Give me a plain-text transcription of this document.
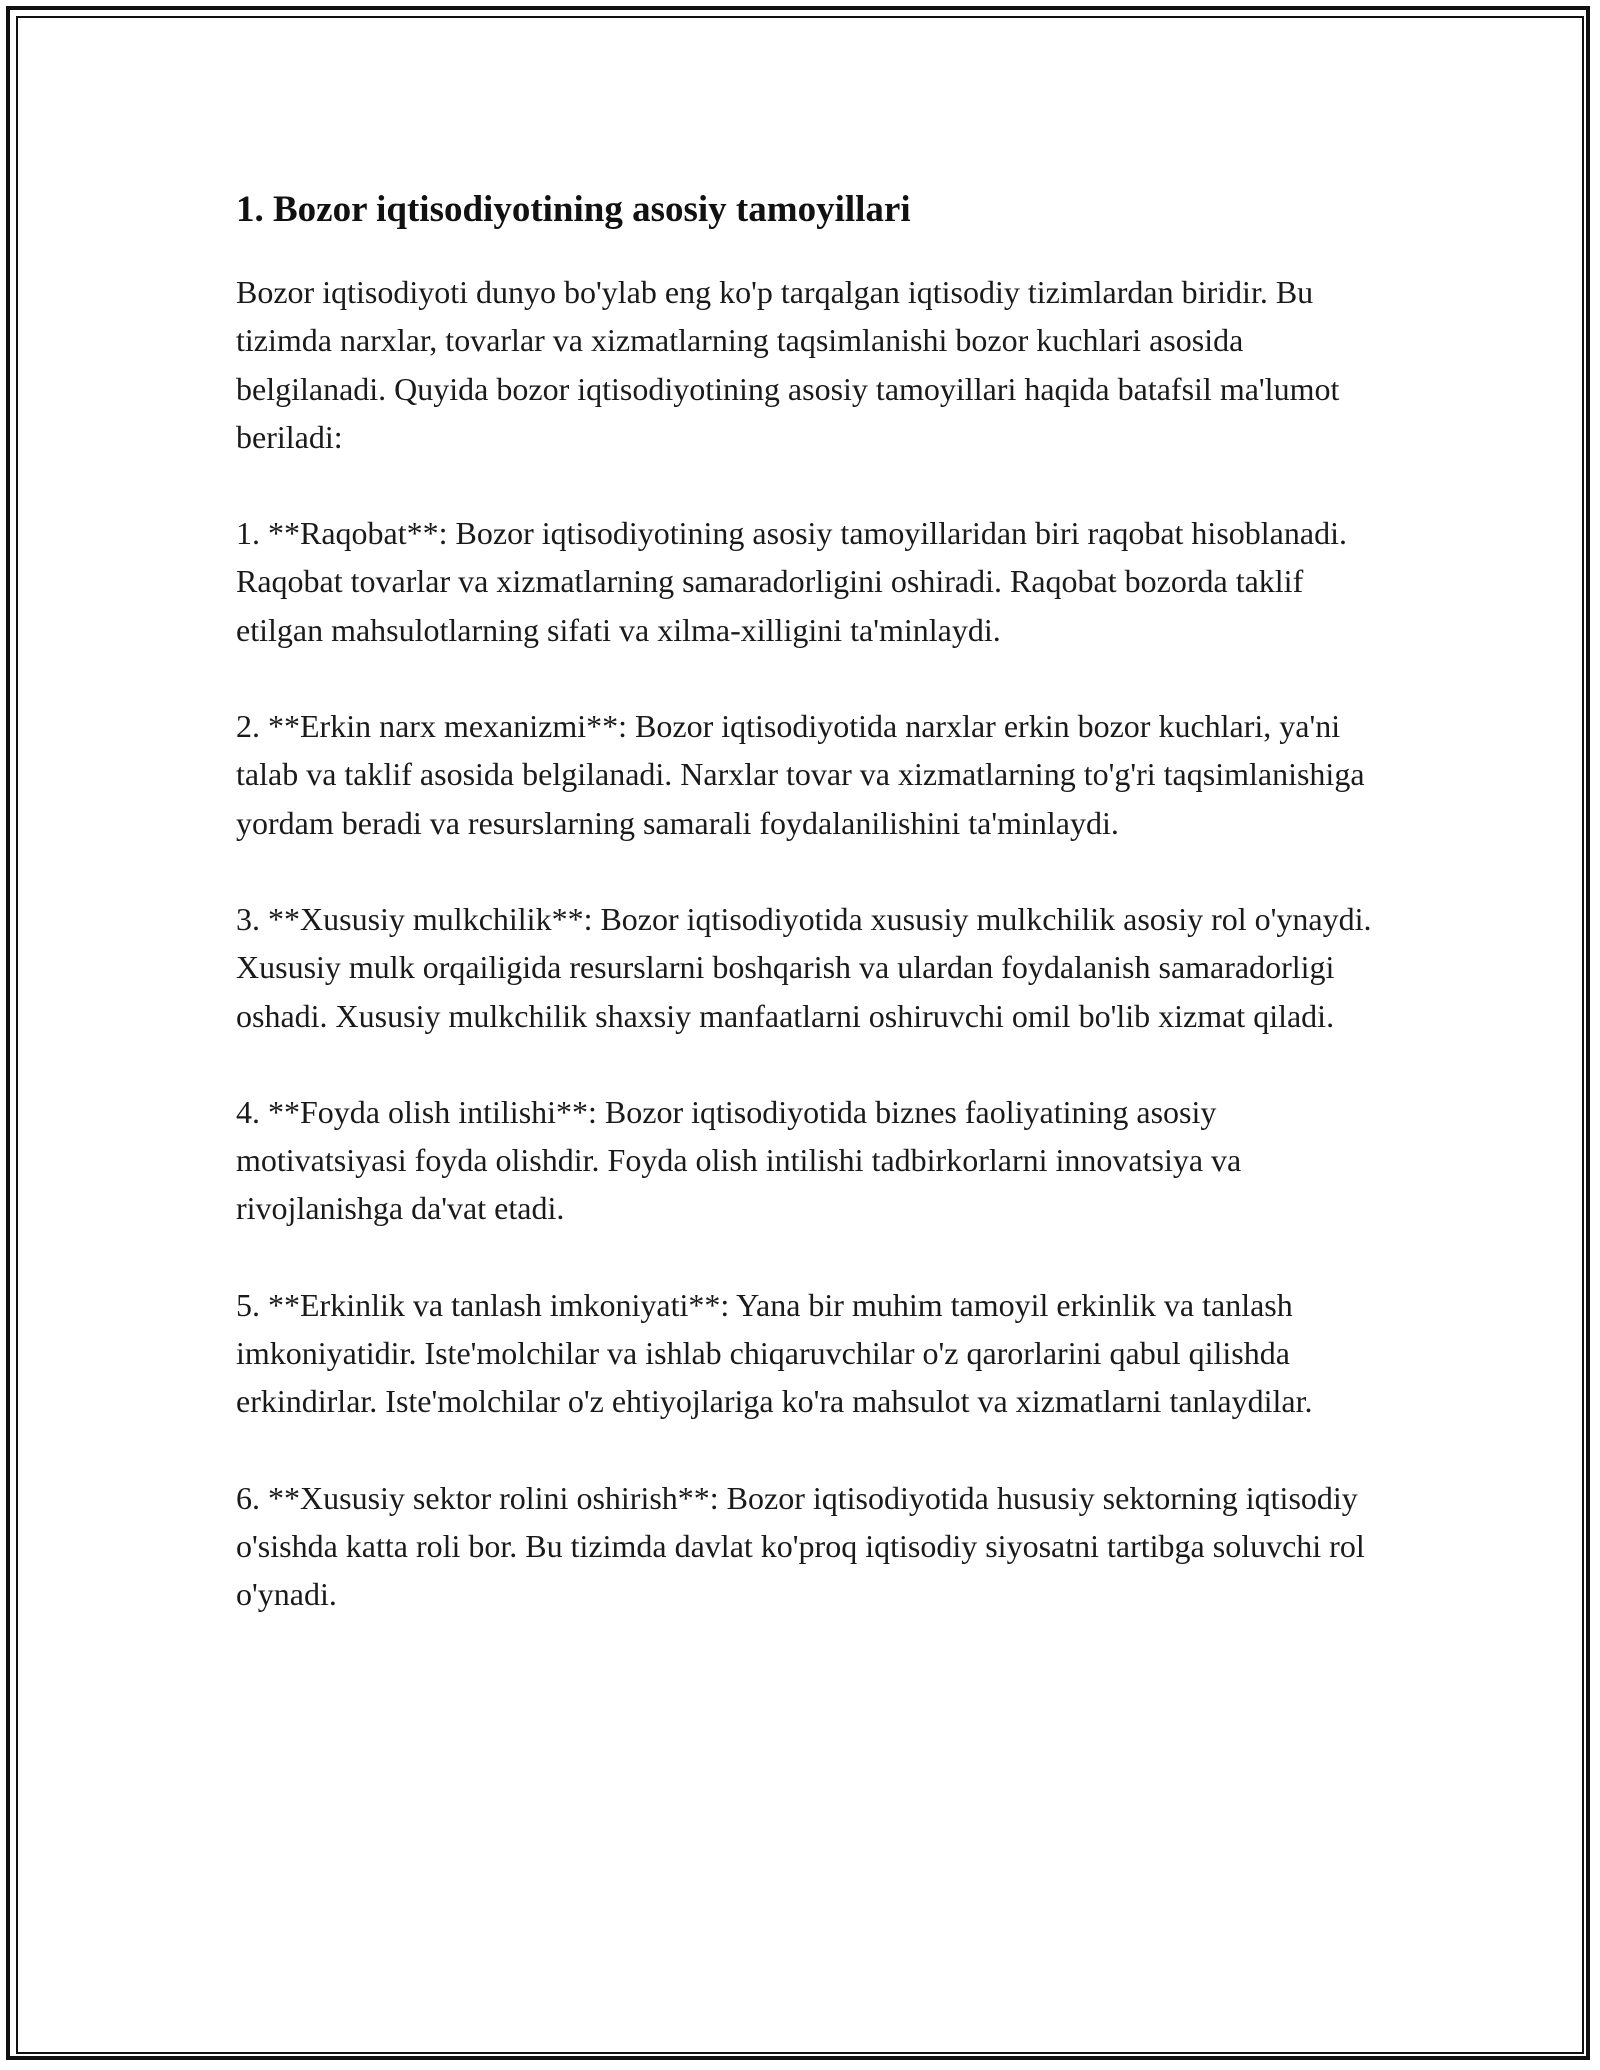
1. Bozor iqtisodiyotining asosiy tamoyillari

Bozor iqtisodiyoti dunyo bo'ylab eng ko'p tarqalgan iqtisodiy tizimlardan biridir. Bu tizimda narxlar, tovarlar va xizmatlarning taqsimlanishi bozor kuchlari asosida belgilanadi. Quyida bozor iqtisodiyotining asosiy tamoyillari haqida batafsil ma'lumot beriladi:

1. **Raqobat**: Bozor iqtisodiyotining asosiy tamoyillaridan biri raqobat hisoblanadi. Raqobat tovarlar va xizmatlarning samaradorligini oshiradi. Raqobat bozorda taklif etilgan mahsulotlarning sifati va xilma-xilligini ta'minlaydi.

2. **Erkin narx mexanizmi**: Bozor iqtisodiyotida narxlar erkin bozor kuchlari, ya'ni talab va taklif asosida belgilanadi. Narxlar tovar va xizmatlarning to'g'ri taqsimlanishiga yordam beradi va resurslarning samarali foydalanilishini ta'minlaydi.

3. **Xususiy mulkchilik**: Bozor iqtisodiyotida xususiy mulkchilik asosiy rol o'ynaydi. Xususiy mulk orqailigida resurslarni boshqarish va ulardan foydalanish samaradorligi oshadi. Xususiy mulkchilik shaxsiy manfaatlarni oshiruvchi omil bo'lib xizmat qiladi.

4. **Foyda olish intilishi**: Bozor iqtisodiyotida biznes faoliyatining asosiy motivatsiyasi foyda olishdir. Foyda olish intilishi tadbirkorlarni innovatsiya va rivojlanishga da'vat etadi.

5. **Erkinlik va tanlash imkoniyati**: Yana bir muhim tamoyil erkinlik va tanlash imkoniyatidir. Iste'molchilar va ishlab chiqaruvchilar o'z qarorlarini qabul qilishda erkindirlar. Iste'molchilar o'z ehtiyojlariga ko'ra mahsulot va xizmatlarni tanlaydilar.

6. **Xususiy sektor rolini oshirish**: Bozor iqtisodiyotida hususiy sektorning iqtisodiy o'sishda katta roli bor. Bu tizimda davlat ko'proq iqtisodiy siyosatni tartibga soluvchi rol o'ynadi.
